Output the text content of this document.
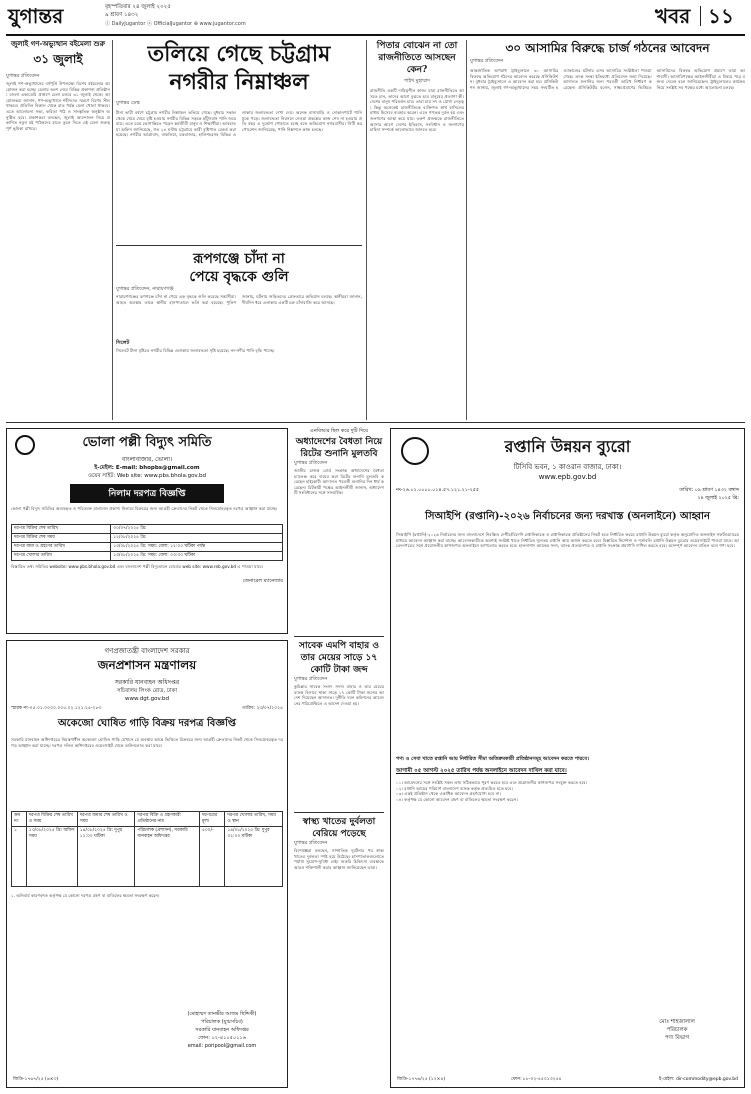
যুগান্তর	বৃহস্পতিবার ২৪ জুলাই ২০২৫
৯ শ্রাবণ ১৪৩২
ⓕ DailyJugantor ⓧ OfficialJugantor ⊕ www.jugantor.com	খবর ১১
জুলাই গণ-অভ্যুত্থান বইমেলা শুরু
৩১ জুলাই
যুগান্তর প্রতিবেদন
জুলাই গণ-অভ্যুত্থানের বর্ষপূর্তি উপলক্ষ্যে বিশেষ বইমেলার আয়োজন করা হচ্ছে। মেলায় অংশ নেবে বিভিন্ন প্রকাশনা প্রতিষ্ঠান। বাংলা একাডেমি প্রাঙ্গণে মেলা চলবে ৩১ জুলাই থেকে। আয়োজকরা জানান, গণ-অভ্যুত্থানে শহীদদের স্মরণে বিশেষ স্টল থাকবে। প্রতিদিন বিকাল থেকে রাত পর্যন্ত মেলা খোলা থাকবে। এতে আলোচনা সভা, কবিতা পাঠ ও সাংস্কৃতিক অনুষ্ঠান অনুষ্ঠিত হবে। প্রকাশকরা বলছেন, জুলাই আন্দোলন নিয়ে প্রকাশিত নতুন বই পাঠকদের হাতে তুলে দিতে এই মেলা গুরুত্বপূর্ণ ভূমিকা রাখবে।
তলিয়ে গেছে চট্টগ্রাম
নগরীর নিম্নাঞ্চল
যুগান্তর ডেস্ক
টানা ভারী বর্ষণে চট্টগ্রাম নগরীর নিম্নাঞ্চল তলিয়ে গেছে। বুধবার সকাল থেকে থেমে থেমে বৃষ্টি হওয়ায় নগরীর বিভিন্ন সড়কে হাঁটুসমান পানি জমে যায়। এতে চরম ভোগান্তিতে পড়েন কর্মজীবী মানুষ ও শিক্ষার্থীরা। আবহাওয়া অফিস জানিয়েছে, গত ২৪ ঘণ্টায় চট্টগ্রামে ভারী বৃষ্টিপাত রেকর্ড করা হয়েছে। নগরীর আগ্রাবাদ, বাকলিয়া, চকবাজার, হালিশহরসহ বিভিন্ন এলাকায় জলাবদ্ধতা দেখা দেয়। অনেক বাসাবাড়ি ও দোকানপাটে পানি ঢুকে পড়ে। জলাবদ্ধতা নিরসনে নেওয়া প্রকল্পের কাজ শেষ না হওয়ায় প্রতি বছর এ দুর্ভোগ পোহাতে হচ্ছে বলে অভিযোগ নগরবাসীর। সিটি করপোরেশন জানিয়েছে, পানি নিষ্কাশনে কাজ চলছে।
সিলেট
সিলেটে টানা বৃষ্টিতে নগরীর বিভিন্ন এলাকায় জলাবদ্ধতা সৃষ্টি হয়েছে। নদ-নদীর পানি বৃদ্ধি পাচ্ছে।
পিতার বোঝেন না তো রাজনীতিতে আসছেন কেন?
শাইখ মুহাম্মাদ
রাজনীতি একটি দায়িত্বশীল কাজ। যারা রাজনীতিতে আসতে চান, তাদের আগে বুঝতে হবে মানুষের প্রত্যাশা কী। দেশের মানুষ পরিবর্তন চায়। তারা চায় সৎ ও যোগ্য নেতৃত্ব। কিন্তু অনেকেই রাজনীতিকে ব্যক্তিগত স্বার্থ হাসিলের মাধ্যম হিসেবে ব্যবহার করেন। এতে গণতন্ত্র দুর্বল হয় এবং জনগণের আস্থা কমে যায়। তরুণ প্রজন্মকে রাজনীতিতে আসার আগে দেশের ইতিহাস, সংবিধান ও জনগণের চাহিদা সম্পর্কে ভালোভাবে জানতে হবে।
৩০ আসামির বিরুদ্ধে চার্জ গঠনের আবেদন
যুগান্তর প্রতিবেদন
আন্তর্জাতিক অপরাধ ট্রাইব্যুনালে ৩০ আসামির বিরুদ্ধে অভিযোগ গঠনের আবেদন করেছে প্রসিকিউশন। বুধবার ট্রাইব্যুনালে এ আবেদন করা হয়। প্রসিকিউশন জানায়, জুলাই গণ-অভ্যুত্থানের সময় সংঘটিত হত্যাকাণ্ডের ঘটনায় এসব আসামির সংশ্লিষ্টতা পাওয়া গেছে। তদন্ত সংস্থা ইতিমধ্যে প্রতিবেদন জমা দিয়েছে। আদালত শুনানির জন্য পরবর্তী তারিখ নির্ধারণ করেছেন। প্রসিকিউটর বলেন, সাক্ষ্যপ্রমাণের ভিত্তিতে আসামিদের বিরুদ্ধে অভিযোগ প্রমাণে তারা আশাবাদী। আসামিপক্ষের আইনজীবীরা এ বিষয়ে পরে বক্তব্য দেবেন বলে জানিয়েছেন। ট্রাইব্যুনালের কার্যক্রম নিয়ে সংশ্লিষ্ট সব পক্ষের মধ্যে আলোচনা চলছে।
রূপগঞ্জে চাঁদা না
পেয়ে বৃদ্ধকে গুলি
যুগান্তর প্রতিবেদন, নারায়ণগঞ্জ
নারায়ণগঞ্জের রূপগঞ্জে চাঁদা না পেয়ে এক বৃদ্ধকে গুলি করেছে সন্ত্রাসীরা। আহত অবস্থায় তাকে স্থানীয় হাসপাতালে ভর্তি করা হয়েছে। পুলিশ জানায়, ঘটনায় জড়িতদের গ্রেফতারে অভিযান চলছে। স্থানীয়রা জানান, দীর্ঘদিন ধরে এলাকায় একটি চক্র চাঁদাবাজি করে আসছে।
ভোলা পল্লী বিদ্যুৎ সমিতি
বাংলাবাজার, ভোলা।
ই-মেইল: E-mail: bhopbs@gmail.com
ওয়েব সাইট: Web site: www.pbs.bhola.gov.bd
নিলাম দরপত্র বিজ্ঞপ্তি
ভোলা পল্লী বিদ্যুৎ সমিতির অব্যবহৃত ও পরিত্যক্ত মালামাল প্রকাশ্য নিলামে বিক্রয়ের জন্য আগ্রহী ক্রেতাদের নিকট থেকে সিলমোহরকৃত দরপত্র আহ্বান করা যাচ্ছে।
দরপত্র বিক্রির শেষ তারিখ	৩০/০৭/২০২৫ খ্রি:
দরপত্র বিক্রির শেষ সময়	১২/০৮/২০২৫ খ্রি:
দরপত্র জমা ও গ্রহণের তারিখ	১৩/০৮/২০২৫ খ্রি: সময়: বেলা: ১২:০০ ঘটিকা পর্যন্ত
দরপত্র খোলার তারিখ	১৩/০৮/২০২৫ খ্রি: সময়: বেলা: ০৩:৩০ ঘটিকা
বিস্তারিত তথ্য সমিতির website: www.pbs.bhola.gov.bd এবং বাংলাদেশ পল্লী বিদ্যুতায়ন বোর্ডের web site: www.reb.gov.bd এ পাওয়া যাবে।
জেনারেল ম্যানেজার
এনবিআর ছিল করে দুটি দিয়ে
অধ্যাদেশের বৈধতা নিয়ে রিটের শুনানি মুলতবি
যুগান্তর প্রতিবেদন
জাতীয় রাজস্ব বোর্ড সংক্রান্ত অধ্যাদেশের বৈধতা চ্যালেঞ্জ করে দায়ের করা রিটের শুনানি মুলতবি করেছেন হাইকোর্ট। আদালত পরবর্তী শুনানির দিন ধার্য করেছেন। রিটকারী পক্ষের আইনজীবী জানান, অধ্যাদেশটি সংবিধানের সঙ্গে সাংঘর্ষিক।
সাবেক এমপি বাহার ও তার মেয়ের সাড়ে ১৭ কোটি টাকা জব্দ
যুগান্তর প্রতিবেদন
কুমিল্লার সাবেক সংসদ সদস্য বাহার ও তার মেয়ের ব্যাংক হিসাবে থাকা সাড়ে ১৭ কোটি টাকা জব্দের আদেশ দিয়েছেন আদালত। দুর্নীতি দমন কমিশনের আবেদনের পরিপ্রেক্ষিতে এ আদেশ দেওয়া হয়।
স্বাস্থ্য খাতের দুর্বলতা বেরিয়ে পড়েছে
যুগান্তর প্রতিবেদন
বিশেষজ্ঞরা বলছেন, সাম্প্রতিক দুর্ঘটনার পর স্বাস্থ্য খাতের দুর্বলতা স্পষ্ট হয়ে উঠেছে। হাসপাতালগুলোতে পর্যাপ্ত সুযোগ-সুবিধা নেই। জরুরি চিকিৎসা ব্যবস্থাকে আরও শক্তিশালী করার আহ্বান জানিয়েছেন তারা।
গণপ্রজাতন্ত্রী বাংলাদেশ সরকার
জনপ্রশাসন মন্ত্রণালয়
সরকারি যানবাহন অধিদপ্তর
সচিবালয় লিংক রোড, ঢাকা
www.dgt.gov.bd
স্মারক নং-০৫.০১.০০০০.০০৫.০২.১২১.২৫-২৮৩	তারিখ: ২৩/০৭/২০২৫
অকেজো ঘোষিত গাড়ি বিক্রয় দরপত্র বিজ্ঞপ্তি
সরকারি যানবাহন অধিদপ্তরের নিয়ন্ত্রণাধীন অকেজো ঘোষিত গাড়ি যেখানে যে অবস্থায় আছে ভিত্তিতে বিক্রয়ের জন্য আগ্রহী ক্রেতাদের নিকট থেকে সিলমোহরকৃত দরপত্র আহ্বান করা যাচ্ছে। দরপত্র দলিল অধিদপ্তরের ওয়েবসাইট থেকে ডাউনলোড করা যাবে।
ক্রম নং	দরপত্র বিক্রির শেষ তারিখ ও সময়	দরপত্র জমার শেষ তারিখ ও সময়	দরপত্র বিক্রি ও গ্রহণকারী প্রতিষ্ঠানের নাম	দরপত্রের মূল্য	দরপত্র খোলার তারিখ, সময় ও স্থান
১	১৩/০৮/২০২৫ খ্রি: অফিস সময়	১৪/০৮/২০২৫ খ্রি: দুপুর ১২:০০ ঘটিকা	পরিচালক (প্রশাসন), সরকারি যানবাহন অধিদপ্তর	৫০০/-	১৪/০৮/২০২৫ খ্রি: দুপুর ০২:০০ ঘটিকা
১. অনিবার্য কারণবশত কর্তৃপক্ষ যে কোনো দরপত্র গ্রহণ বা বাতিলের ক্ষমতা সংরক্ষণ করেন।
(মোহাম্মদ তানভীর আজম ছিদ্দিকী)
পরিচালক (যুগ্মসচিব)
সরকারি যানবাহন অধিদপ্তর
ফোন: ০২-৪১০৫০১১৬
email: poripool@gmail.com
জিডি-১৭৬৭/২৫ (৬×৩)
রপ্তানি উন্নয়ন ব্যুরো
টিসিবি ভবন, ১ কাওরান বাজার, ঢাকা।
www.epb.gov.bd
নং-২৬.০২.০০০০.০১৪.৫৭.১২১.২১-২৫৫	তারিখ: ০৯ শ্রাবণ ১৪৩২ বঙ্গাব্দ
২৪ জুলাই ২০২৫ খ্রি:
সিআইপি (রপ্তানি)-২০২৬ নির্বাচনের জন্য দরখাস্ত (অনলাইনে) আহ্বান
সিআইপি (রপ্তানি)-২০২৬ নির্বাচনের জন্য বাংলাদেশে নিবন্ধিত দেশীয়/বিদেশি রপ্তানিকারক ও রপ্তানিকারক প্রতিষ্ঠানের নিকট হতে নির্ধারিত ফরমে রপ্তানি উন্নয়ন ব্যুরো কর্তৃক অনুমোদিত অনলাইন সফটওয়্যারের মাধ্যমে আবেদন আহ্বান করা যাচ্ছে। আবেদনকারীকে অবশ্যই সংশ্লিষ্ট খাতে নির্ধারিত ন্যূনতম রপ্তানি আয় অর্জন করতে হবে। বিস্তারিত নির্দেশনা ও শর্তাবলি রপ্তানি উন্নয়ন ব্যুরোর ওয়েবসাইটে পাওয়া যাবে। আবেদনপত্রের সঙ্গে প্রয়োজনীয় কাগজপত্র অনলাইনে আপলোড করতে হবে। হালনাগাদ আয়কর সনদ, ব্যাংক প্রত্যয়নপত্র ও রপ্তানি সংক্রান্ত প্রমাণাদি দাখিল করতে হবে। অসম্পূর্ণ আবেদন বাতিল বলে গণ্য হবে।
পণ্য ও সেবা খাতে রপ্তানি আয় নির্ধারিত সীমা অতিক্রমকারী প্রতিষ্ঠানসমূহ আবেদন করতে পারবে।
আগামী ০৫ আগস্ট ২০২৫ তারিখ পর্যন্ত অনলাইনে আবেদন দাখিল করা যাবে।
০১। আবেদনের সঙ্গে সংশ্লিষ্ট সকল তথ্য সঠিকভাবে পূরণ করতে হবে এবং প্রয়োজনীয় কাগজপত্র সংযুক্ত করতে হবে।
০২। রপ্তানি আয়ের পরিমাণ বাংলাদেশ ব্যাংক কর্তৃক প্রত্যয়িত হতে হবে।
০৩। একই প্রতিষ্ঠান থেকে একাধিক আবেদন গ্রহণযোগ্য হবে না।
০৪। কর্তৃপক্ষ যে কোনো আবেদন গ্রহণ বা বাতিলের ক্ষমতা সংরক্ষণ করেন।
মোঃ শাহজালাল
পরিচালক
পণ্য বিভাগ
জিডি-১৭৭৬/২৫ (১২×৪)	ফোন: ৮৮-০২-৫৫০১৩২৫৪	ই-মেইল: dir-commodity@epb.gov.bd
